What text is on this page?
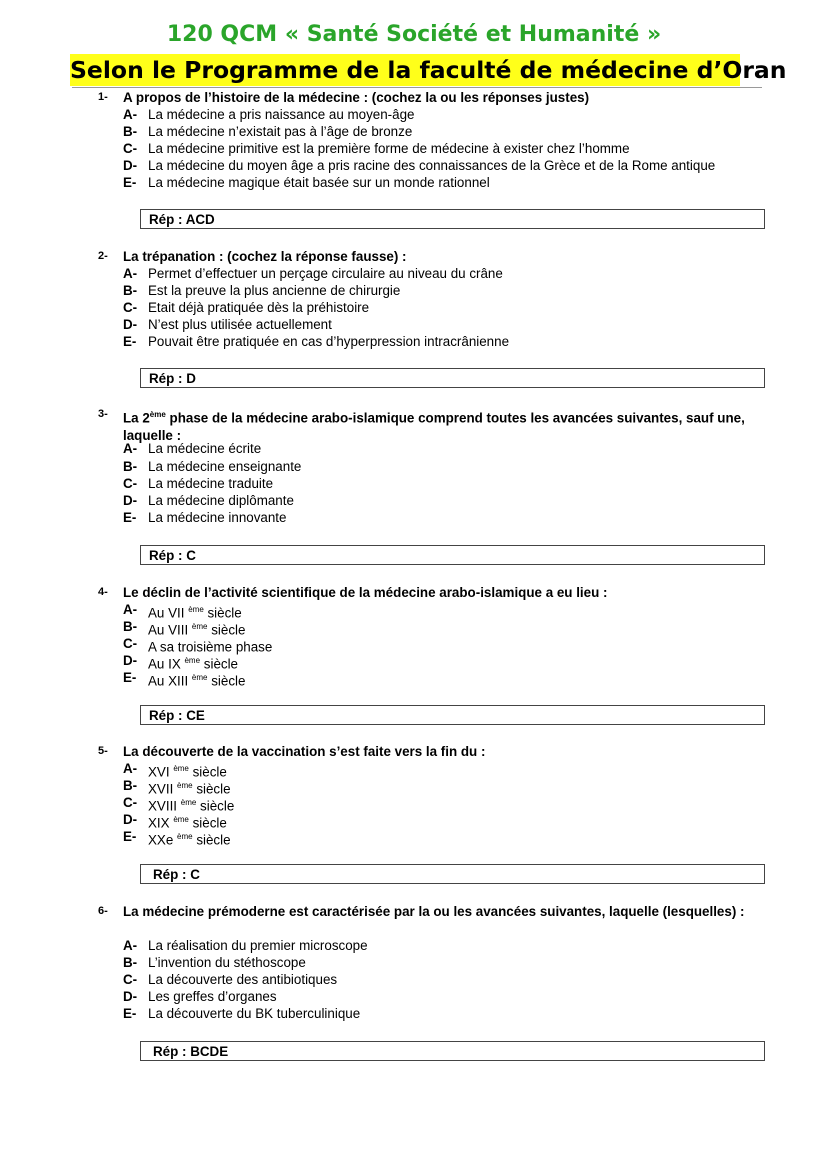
120 QCM « Santé Société et Humanité »
Selon le Programme de la faculté de médecine d’Oran
1- A propos de l’histoire de la médecine : (cochez la ou les réponses justes)
A- La médecine a pris naissance au moyen-âge
B- La médecine n’existait pas à l’âge de bronze
C- La médecine primitive est la première forme de médecine à exister chez l’homme
D- La médecine du moyen âge a pris racine des connaissances de la Grèce et de la Rome antique
E- La médecine magique était basée sur un monde rationnel
Rép : ACD
2- La trépanation : (cochez la réponse fausse) :
A- Permet d’effectuer un perçage circulaire au niveau du crâne
B- Est la preuve la plus ancienne de chirurgie
C- Etait déjà pratiquée dès la préhistoire
D- N’est plus utilisée actuellement
E- Pouvait être pratiquée en cas d’hyperpression intracrânienne
Rép : D
3- La 2ème phase de la médecine arabo-islamique comprend toutes les avancées suivantes, sauf une, laquelle :
A- La médecine écrite
B- La médecine enseignante
C- La médecine traduite
D- La médecine diplômante
E- La médecine innovante
Rép : C
4- Le déclin de l’activité scientifique de la médecine arabo-islamique a eu lieu :
A- Au VII $^{ème}$ siècle
B- Au VIII $^{ème}$ siècle
C- A sa troisième phase
D- Au IX $^{ème}$ siècle
E- Au XIII $^{ème}$ siècle
Rép : CE
5- La découverte de la vaccination s’est faite vers la fin du :
A- XVI $^{ème}$ siècle
B- XVII $^{ème}$ siècle
C- XVIII $^{ème}$ siècle
D- XIX $^{ème}$ siècle
E- XXe $^{ème}$ siècle
Rép : C
6- La médecine prémoderne est caractérisée par la ou les avancées suivantes, laquelle (lesquelles) :
A- La réalisation du premier microscope
B- L’invention du stéthoscope
C- La découverte des antibiotiques
D- Les greffes d’organes
E- La découverte du BK tuberculinique
Rép : BCDE
